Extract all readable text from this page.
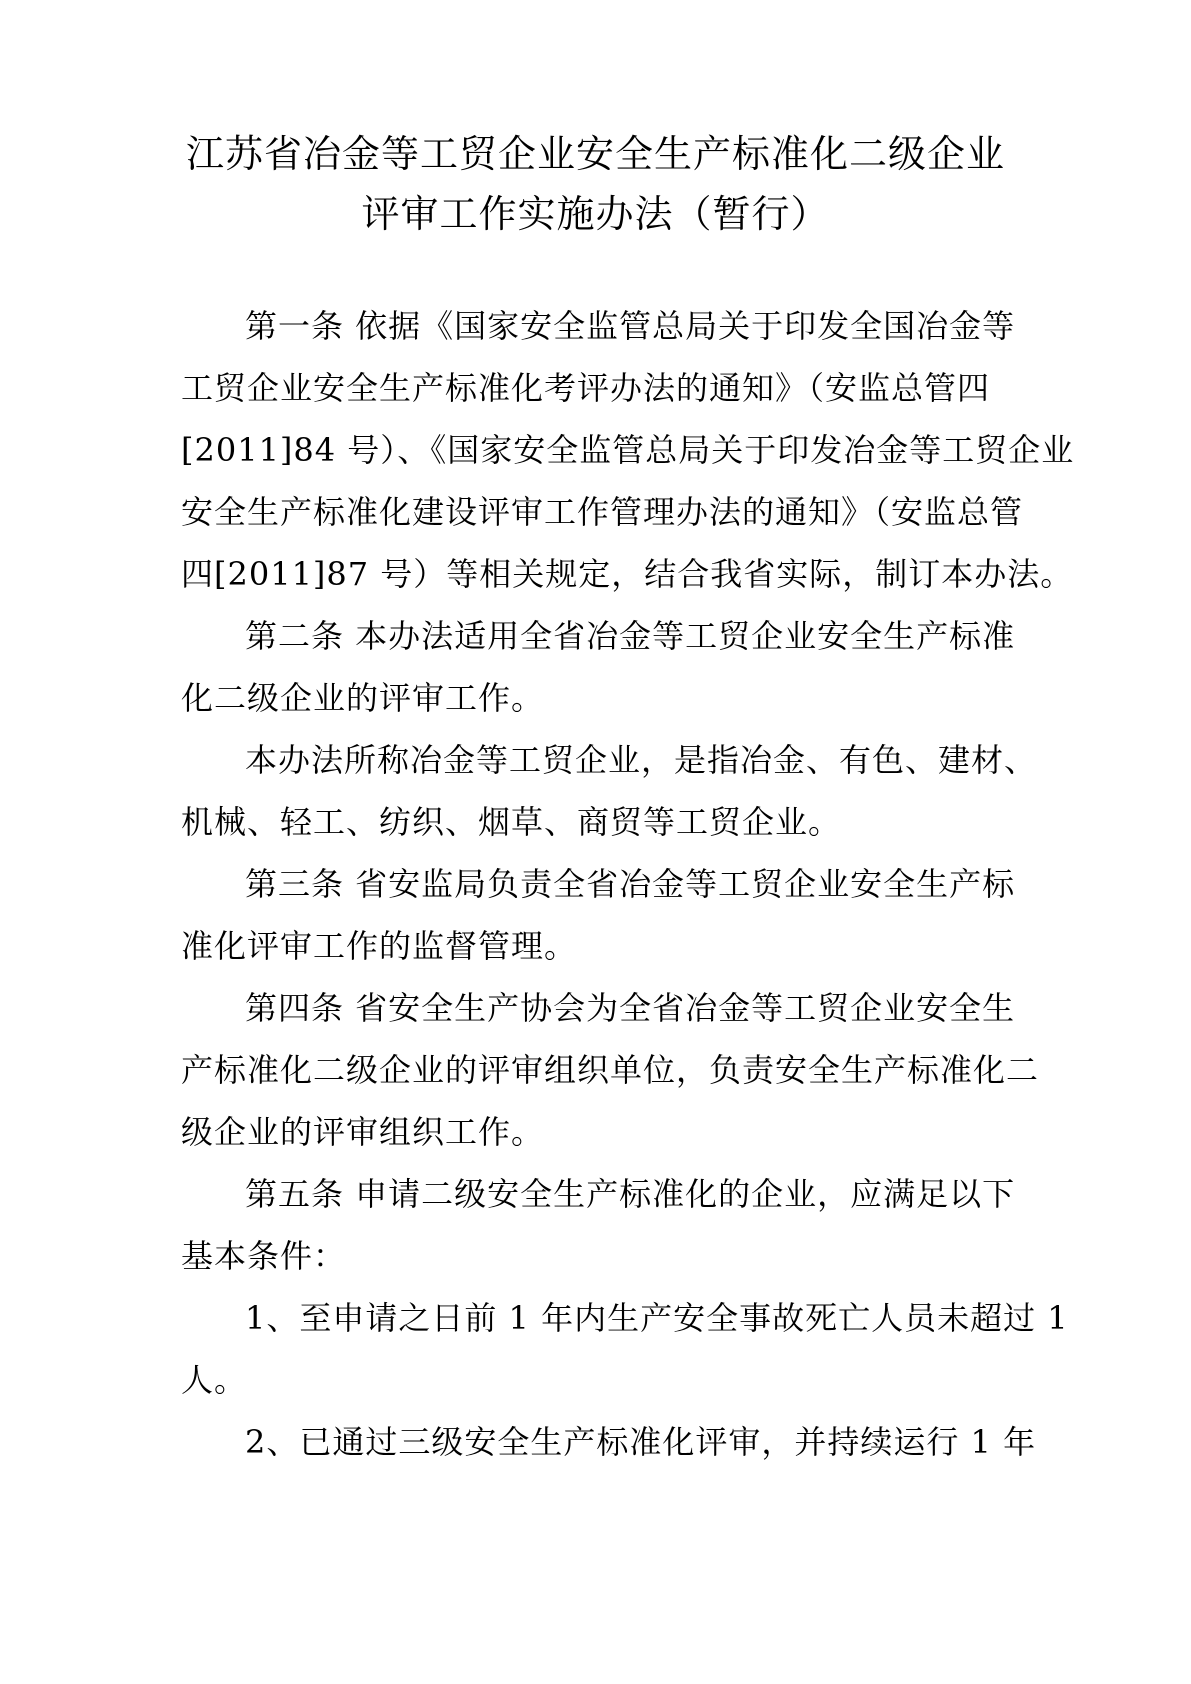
江苏省冶金等工贸企业安全生产标准化二级企业
评审工作实施办法（暂行）
第一条 依据《国家安全监管总局关于印发全国冶金等
工贸企业安全生产标准化考评办法的通知》（安监总管四
[2011]84 号）、《国家安全监管总局关于印发冶金等工贸企业
安全生产标准化建设评审工作管理办法的通知》（安监总管
四[2011]87 号）等相关规定，结合我省实际，制订本办法。
第二条 本办法适用全省冶金等工贸企业安全生产标准
化二级企业的评审工作。
本办法所称冶金等工贸企业，是指冶金、有色、建材、
机械、轻工、纺织、烟草、商贸等工贸企业。
第三条 省安监局负责全省冶金等工贸企业安全生产标
准化评审工作的监督管理。
第四条 省安全生产协会为全省冶金等工贸企业安全生
产标准化二级企业的评审组织单位，负责安全生产标准化二
级企业的评审组织工作。
第五条 申请二级安全生产标准化的企业，应满足以下
基本条件：
1、至申请之日前 1 年内生产安全事故死亡人员未超过 1
人。
2、已通过三级安全生产标准化评审，并持续运行 1 年
